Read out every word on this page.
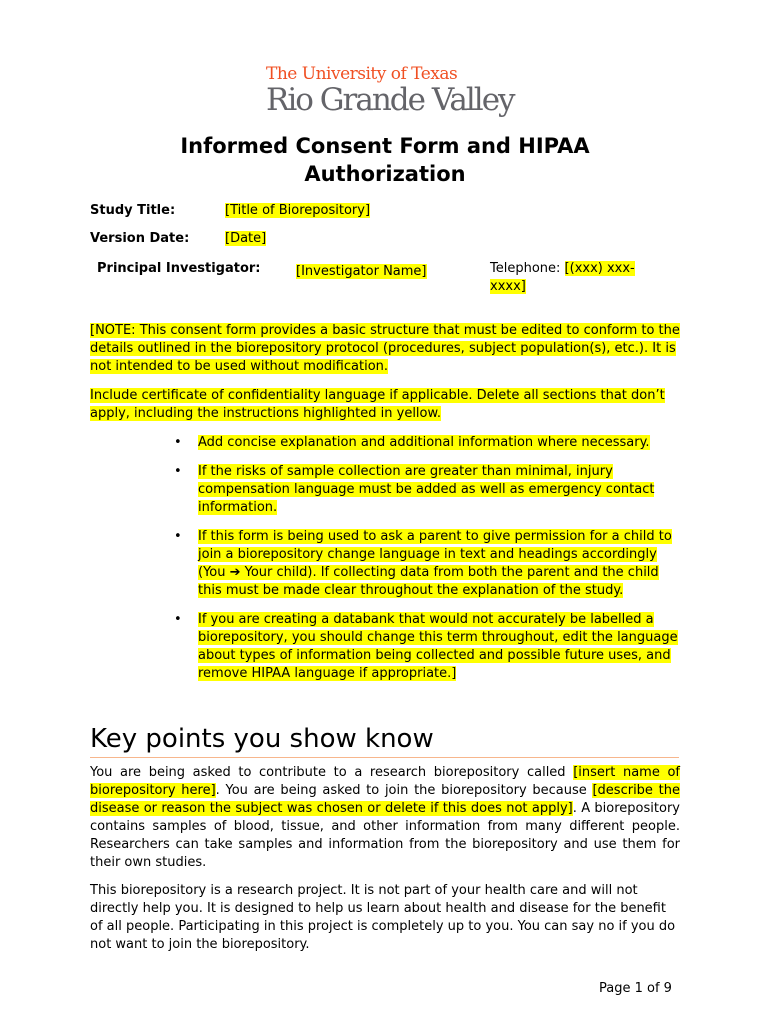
The University of Texas
Rio Grande Valley
Informed Consent Form and HIPAA Authorization
Study Title:	[Title of Biorepository]
Version Date:	[Date]
Principal Investigator:	[Investigator Name]	Telephone: [(xxx) xxx-xxxx]
[NOTE: This consent form provides a basic structure that must be edited to conform to the details outlined in the biorepository protocol (procedures, subject population(s), etc.). It is not intended to be used without modification.
Include certificate of confidentiality language if applicable. Delete all sections that don’t apply, including the instructions highlighted in yellow.
• Add concise explanation and additional information where necessary.
• If the risks of sample collection are greater than minimal, injury compensation language must be added as well as emergency contact information.
• If this form is being used to ask a parent to give permission for a child to join a biorepository change language in text and headings accordingly (You ➔ Your child). If collecting data from both the parent and the child this must be made clear throughout the explanation of the study.
• If you are creating a databank that would not accurately be labelled a biorepository, you should change this term throughout, edit the language about types of information being collected and possible future uses, and remove HIPAA language if appropriate.]
Key points you show know
You are being asked to contribute to a research biorepository called [insert name of biorepository here]. You are being asked to join the biorepository because [describe the disease or reason the subject was chosen or delete if this does not apply]. A biorepository contains samples of blood, tissue, and other information from many different people. Researchers can take samples and information from the biorepository and use them for their own studies.
This biorepository is a research project. It is not part of your health care and will not directly help you. It is designed to help us learn about health and disease for the benefit of all people. Participating in this project is completely up to you. You can say no if you do not want to join the biorepository.
Page 1 of 9
